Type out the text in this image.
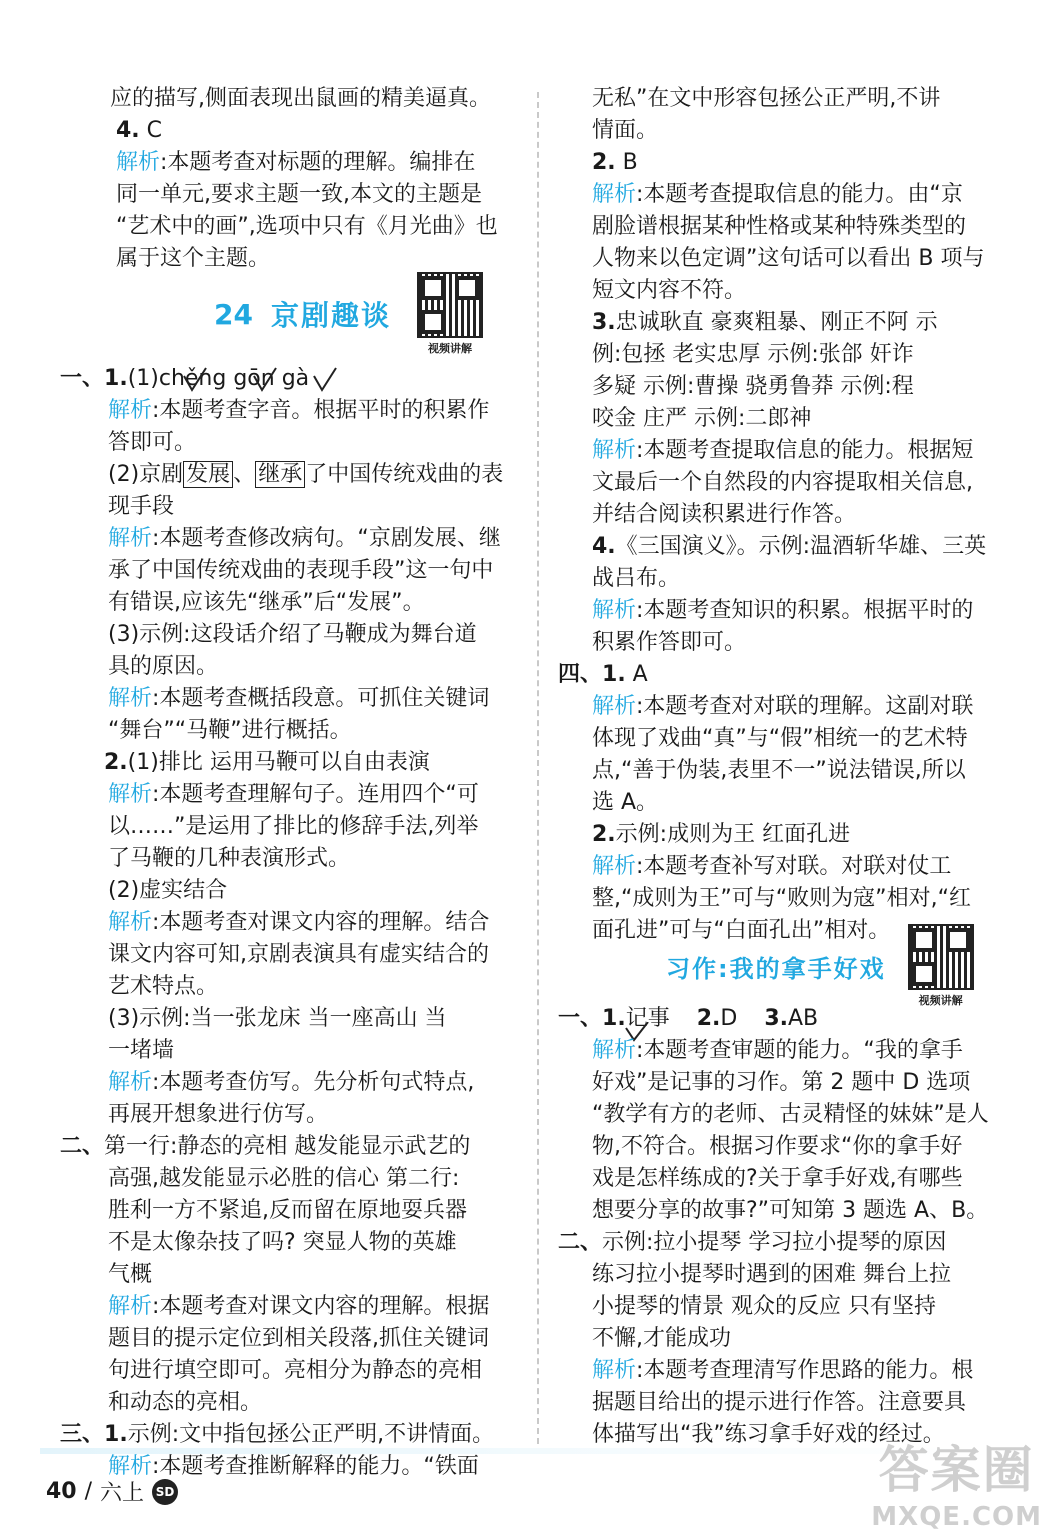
应的描写,侧面表现出鼠画的精美逼真。
4. C
解析:本题考查对标题的理解。编排在
同一单元,要求主题一致,本文的主题是
“艺术中的画”,选项中只有《月光曲》也
属于这个主题。
24 京剧趣谈
视频讲解
一、1.(1)chěng gōn gà
解析:本题考查字音。根据平时的积累作
答即可。
(2)京剧 发展 、 继承 了中国传统戏曲的表
现手段
解析:本题考查修改病句。“京剧发展、继
承了中国传统戏曲的表现手段”这一句中
有错误,应该先“继承”后“发展”。
(3)示例:这段话介绍了马鞭成为舞台道
具的原因。
解析:本题考查概括段意。可抓住关键词
“舞台”“马鞭”进行概括。
2.(1)排比 运用马鞭可以自由表演
解析:本题考查理解句子。连用四个“可
以……”是运用了排比的修辞手法,列举
了马鞭的几种表演形式。
(2)虚实结合
解析:本题考查对课文内容的理解。结合
课文内容可知,京剧表演具有虚实结合的
艺术特点。
(3)示例:当一张龙床 当一座高山 当
一堵墙
解析:本题考查仿写。先分析句式特点,
再展开想象进行仿写。
二、第一行:静态的亮相 越发能显示武艺的
高强,越发能显示必胜的信心 第二行:
胜利一方不紧追,反而留在原地耍兵器
不是太像杂技了吗? 突显人物的英雄
气概
解析:本题考查对课文内容的理解。根据
题目的提示定位到相关段落,抓住关键词
句进行填空即可。亮相分为静态的亮相
和动态的亮相。
三、1.示例:文中指包拯公正严明,不讲情面。
解析:本题考查推断解释的能力。“铁面
无私”在文中形容包拯公正严明,不讲
情面。
2. B
解析:本题考查提取信息的能力。由“京
剧脸谱根据某种性格或某种特殊类型的
人物来以色定调”这句话可以看出 B 项与
短文内容不符。
3.忠诚耿直 豪爽粗暴、刚正不阿 示
例:包拯 老实忠厚 示例:张郃 奸诈
多疑 示例:曹操 骁勇鲁莽 示例:程
咬金 庄严 示例:二郎神
解析:本题考查提取信息的能力。根据短
文最后一个自然段的内容提取相关信息,
并结合阅读积累进行作答。
4.《三国演义》。示例:温酒斩华雄、三英
战吕布。
解析:本题考查知识的积累。根据平时的
积累作答即可。
四、1. A
解析:本题考查对对联的理解。这副对联
体现了戏曲“真”与“假”相统一的艺术特
点,“善于伪装,表里不一”说法错误,所以
选 A。
2.示例:成则为王 红面孔进
解析:本题考查补写对联。对联对仗工
整,“成则为王”可与“败则为寇”相对,“红
面孔进”可与“白面孔出”相对。
习作:我的拿手好戏
视频讲解
一、1.记事 2.D 3.AB
解析:本题考查审题的能力。“我的拿手
好戏”是记事的习作。第 2 题中 D 选项
“教学有方的老师、古灵精怪的妹妹”是人
物,不符合。根据习作要求“你的拿手好
戏是怎样练成的?关于拿手好戏,有哪些
想要分享的故事?”可知第 3 题选 A、B。
二、示例:拉小提琴 学习拉小提琴的原因
练习拉小提琴时遇到的困难 舞台上拉
小提琴的情景 观众的反应 只有坚持
不懈,才能成功
解析:本题考查理清写作思路的能力。根
据题目给出的提示进行作答。注意要具
体描写出“我”练习拿手好戏的经过。
40 / 六上 SD	答案圈
MXQE.COM
